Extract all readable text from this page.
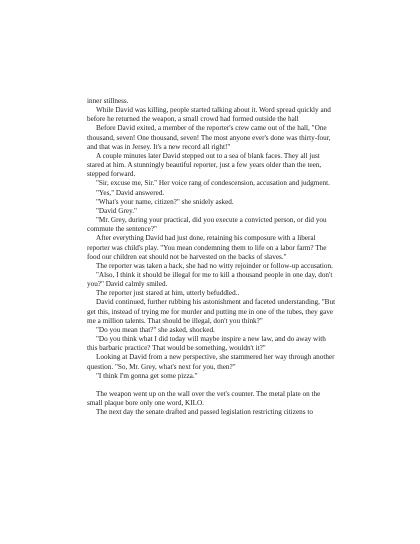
inner stillness.

While David was killing, people started talking about it. Word spread quickly and before he returned the weapon, a small crowd had formed outside the hall

Before David exited, a member of the reporter's crew came out of the hall, "One thousand, seven! One thousand, seven! The most anyone ever's done was thirty-four, and that was in Jersey. It's a new record all right!"

A couple minutes later David stepped out to a sea of blank faces. They all just stared at him. A stunningly beautiful reporter, just a few years older than the teen, stepped forward.

"Sir, excuse me, Sir." Her voice rang of condescension, accusation and judgment.

"Yes," David answered.

"What's your name, citizen?" she snidely asked.

"David Grey."

"Mr. Grey, during your practical, did you execute a convicted person, or did you commute the sentence?"

After everything David had just done, retaining his composure with a liberal reporter was child's play. "You mean condemning them to life on a labor farm? The food our children eat should not be harvested on the backs of slaves."

The reporter was taken a back, she had no witty rejoinder or follow-up accusation.

"Also, I think it should be illegal for me to kill a thousand people in one day, don't you?" David calmly smiled.

The reporter just stared at him, utterly befuddled..

David continued, further rubbing his astonishment and faceted understanding, "But get this, instead of trying me for murder and putting me in one of the tubes, they gave me a million talents. That should be illegal, don't you think?"

"Do you mean that?" she asked, shocked.

"Do you think what I did today will maybe inspire a new law, and do away with this barbaric practice? That would be something, wouldn't it?"

Looking at David from a new perspective, she stammered her way through another question. "So, Mr. Grey, what's next for you, then?"

"I think I'm gonna get some pizza."

The weapon went up on the wall over the vet's counter. The metal plate on the small plaque bore only one word, KILO.

The next day the senate drafted and passed legislation restricting citizens to
